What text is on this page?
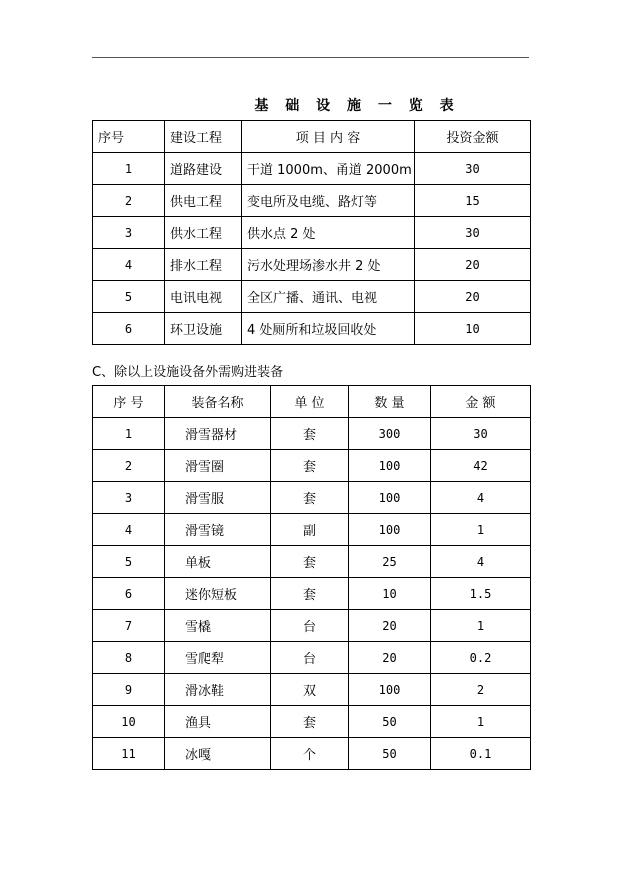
基 础 设 施 一 览 表
序号	建设工程	项 目 内 容	投资金额
1	道路建设	干道 1000m、甬道 2000m	30
2	供电工程	变电所及电缆、路灯等	15
3	供水工程	供水点 2 处	30
4	排水工程	污水处理场渗水井 2 处	20
5	电讯电视	全区广播、通讯、电视	20
6	环卫设施	4 处厕所和垃圾回收处	10
C、除以上设施设备外需购进装备
序 号	装备名称	单 位	数 量	金 额
1	滑雪器材	套	300	30
2	滑雪圈	套	100	42
3	滑雪服	套	100	4
4	滑雪镜	副	100	1
5	单板	套	25	4
6	迷你短板	套	10	1.5
7	雪橇	台	20	1
8	雪爬犁	台	20	0.2
9	滑冰鞋	双	100	2
10	渔具	套	50	1
11	冰嘎	个	50	0.1
